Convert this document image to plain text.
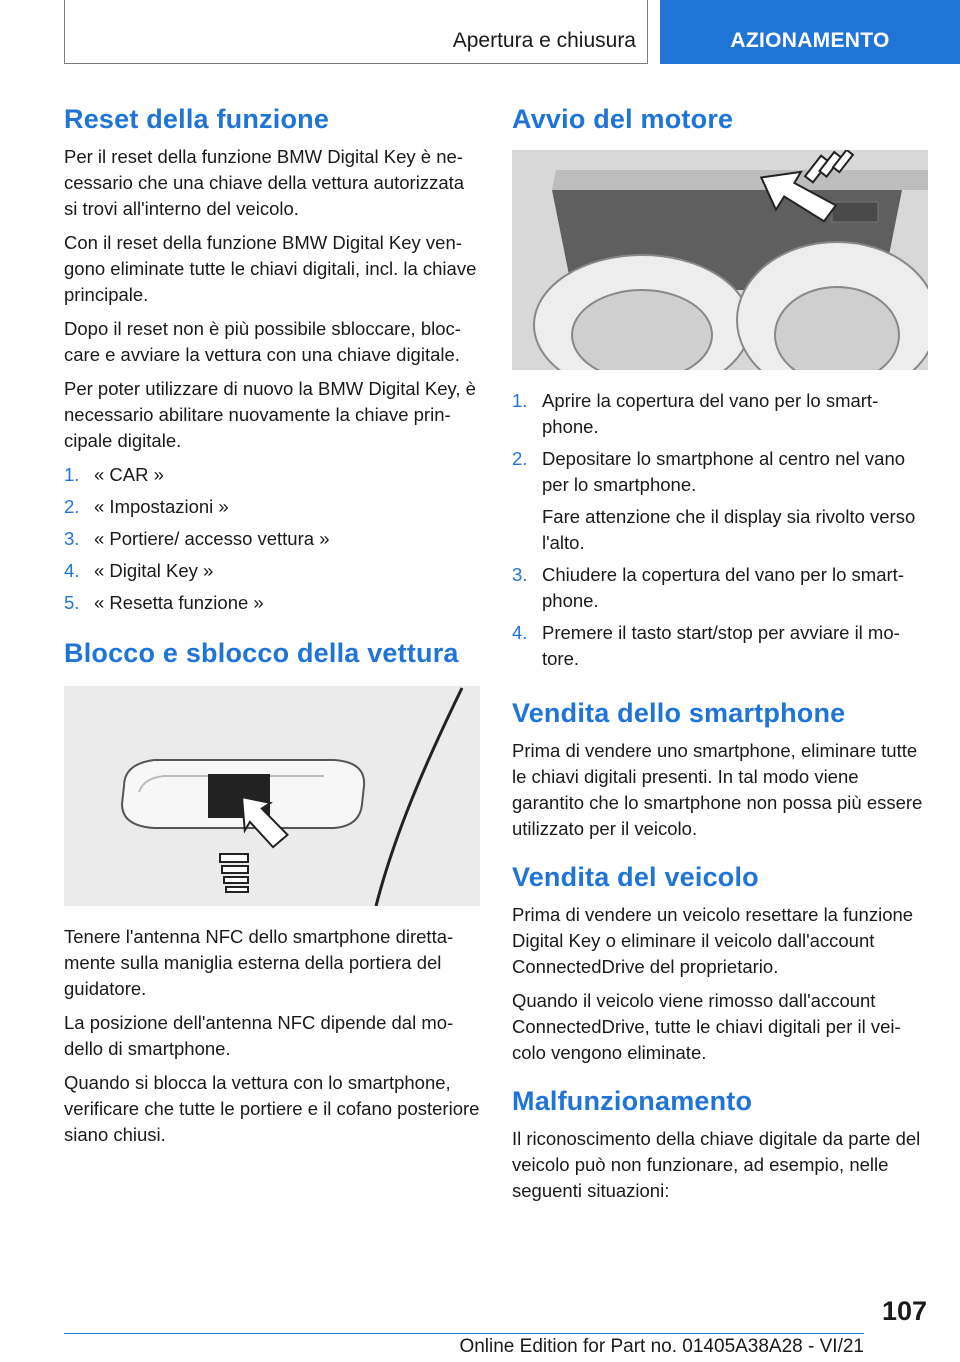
Apertura e chiusura	AZIONAMENTO
Reset della funzione

Per il reset della funzione BMW Digital Key è necessario che una chiave della vettura autorizzata si trovi all'interno del veicolo.

Con il reset della funzione BMW Digital Key vengono eliminate tutte le chiavi digitali, incl. la chiave principale.

Dopo il reset non è più possibile sbloccare, bloccare e avviare la vettura con una chiave digitale.

Per poter utilizzare di nuovo la BMW Digital Key, è necessario abilitare nuovamente la chiave principale digitale.

1. « CAR »
2. « Impostazioni »
3. « Portiere/ accesso vettura »
4. « Digital Key »
5. « Resetta funzione »
Blocco e sblocco della vettura

Tenere l'antenna NFC dello smartphone direttamente sulla maniglia esterna della portiera del guidatore.

La posizione dell'antenna NFC dipende dal modello di smartphone.

Quando si blocca la vettura con lo smartphone, verificare che tutte le portiere e il cofano posteriore siano chiusi.

Avvio del motore
1. Aprire la copertura del vano per lo smartphone.
2. Depositare lo smartphone al centro nel vano per lo smartphone.
Fare attenzione che il display sia rivolto verso l'alto.
3. Chiudere la copertura del vano per lo smartphone.
4. Premere il tasto start/stop per avviare il motore.
Vendita dello smartphone

Prima di vendere uno smartphone, eliminare tutte le chiavi digitali presenti. In tal modo viene garantito che lo smartphone non possa più essere utilizzato per il veicolo.

Vendita del veicolo

Prima di vendere un veicolo resettare la funzione Digital Key o eliminare il veicolo dall'account ConnectedDrive del proprietario.

Quando il veicolo viene rimosso dall'account ConnectedDrive, tutte le chiavi digitali per il veicolo vengono eliminate.

Malfunzionamento

Il riconoscimento della chiave digitale da parte del veicolo può non funzionare, ad esempio, nelle seguenti situazioni:

107
Online Edition for Part no. 01405A38A28 - VI/21
